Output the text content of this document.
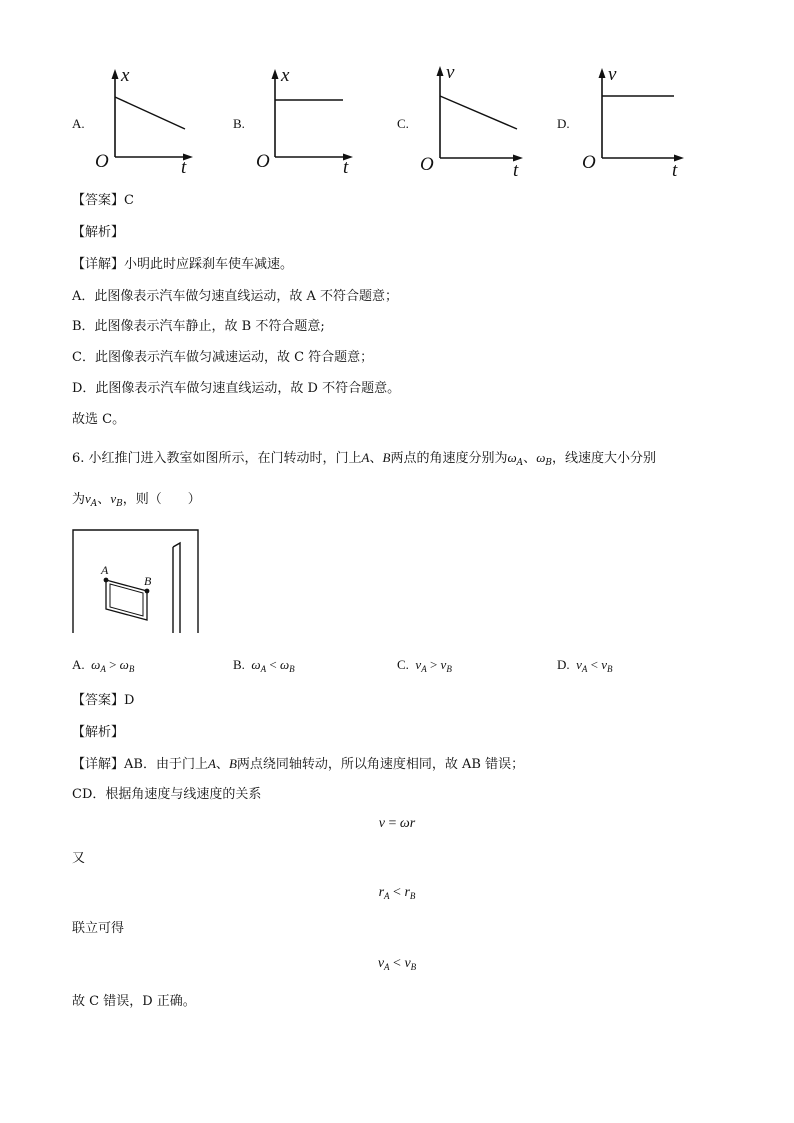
A.
x
O	t
B.
x
O	t
C.
v
O	t
D.
v
O	t
【答案】C
【解析】
【详解】小明此时应踩刹车使车减速。
A．此图像表示汽车做匀速直线运动，故 A 不符合题意；
B．此图像表示汽车静止，故 B 不符合题意;
C．此图像表示汽车做匀减速运动，故 C 符合题意；
D．此图像表示汽车做匀速直线运动，故 D 不符合题意。
故选 C。
6. 小红推门进入教室如图所示，在门转动时，门上A、B两点的角速度分别为$\omega_A$、$\omega_B$，线速度大小分别
为$v_A$、$v_B$，则（　　）
A
B
A. $\omega_A > \omega_B$	B. $\omega_A < \omega_B$	C. $v_A > v_B$	D. $v_A < v_B$
【答案】D
【解析】
【详解】AB．由于门上A、B两点绕同轴转动，所以角速度相同，故 AB 错误；
CD．根据角速度与线速度的关系
v = ωr
又
$r_A < r_B$
联立可得
$v_A < v_B$
故 C 错误，D 正确。
